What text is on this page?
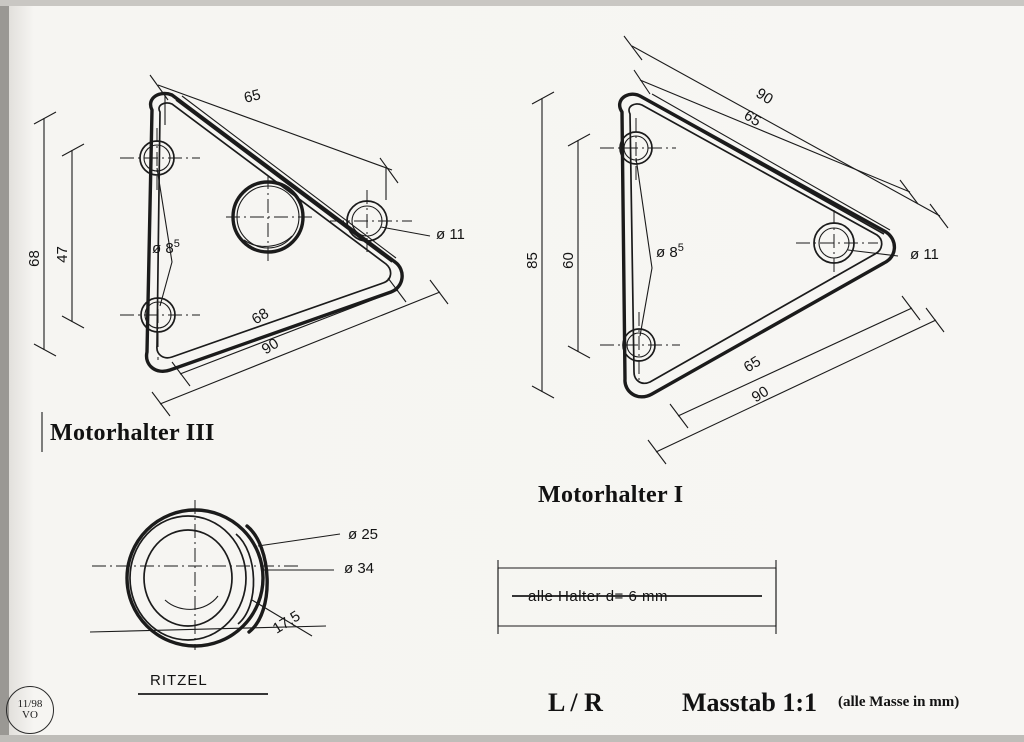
65
68
90
68 47	ø $8^5$
ø 11
Motorhalter III
90
65
85 60
65
90
ø $8^5$	ø 11
Motorhalter I
ø 25
ø 34
17,5
RITZEL
alle Halter d= 6 mm
L / R	Masstab 1:1 (alle Masse in mm)
11/98
VO
